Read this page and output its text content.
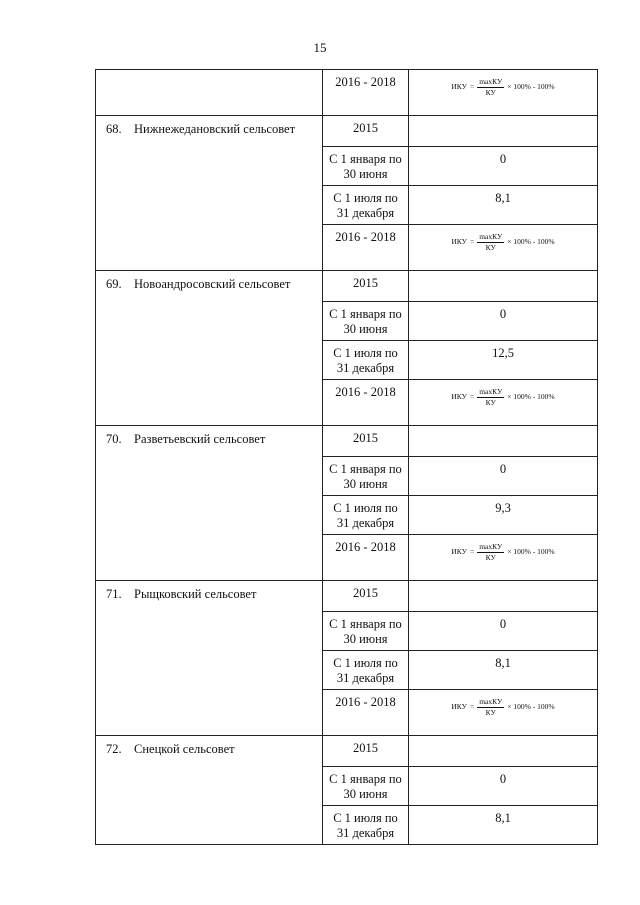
15
	2016 - 2018	ИКУ = $\frac{\max КУ}{КУ} \times 100\% - 100\%$

68. Нижнежедановский сельсовет	2015	
	С 1 января по 30 июня	0
	С 1 июля по 31 декабря	8,1
	2016 - 2018	ИКУ = $\frac{\max КУ}{КУ} \times 100\% - 100\%$

69. Новоандросовский сельсовет	2015	
	С 1 января по 30 июня	0
	С 1 июля по 31 декабря	12,5
	2016 - 2018	ИКУ = $\frac{\max КУ}{КУ} \times 100\% - 100\%$

70. Разветьевский сельсовет	2015	
	С 1 января по 30 июня	0
	С 1 июля по 31 декабря	9,3
	2016 - 2018	ИКУ = $\frac{\max КУ}{КУ} \times 100\% - 100\%$

71. Рыщковский сельсовет	2015	
	С 1 января по 30 июня	0
	С 1 июля по 31 декабря	8,1
	2016 - 2018	ИКУ = $\frac{\max КУ}{КУ} \times 100\% - 100\%$

72. Снецкой сельсовет	2015	
	С 1 января по 30 июня	0
	С 1 июля по 31 декабря	8,1
